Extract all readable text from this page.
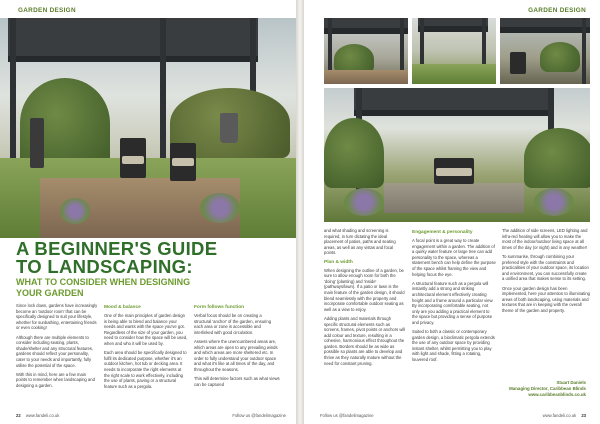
GARDEN DESIGN
A BEGINNER'S GUIDE
TO LANDSCAPING:
WHAT TO CONSIDER WHEN DESIGNING
YOUR GARDEN

Since lock down, gardens have increasingly become an 'outdoor room' that can be specifically designed to suit your lifestyle, whether for sunbathing, entertaining friends or even cooking!

Although there are multiple elements to consider including seating, plants, shade/shelter and any structural features, gardens should reflect your personality, cater to your needs and importantly, fully utilise the potential of the space.

With this in mind, here are a few main points to remember when landscaping and designing a garden.

Mood & balance

One of the main principles of garden design is being able to blend and balance your needs and wants with the space you've got. Regardless of the size of your garden, you need to consider how the space will be used, when and who it will be used by.

Each area should be specifically designed to fulfil its dedicated purpose, whether it's an outdoor kitchen, hot tub or decking area. It needs to incorporate the right elements at the right scale to work effectively, including the use of plants, paving or a structural feature such as a pergola.

Form follows function

Verbal focus should be on creating a structural 'anchor' of the garden, ensuring each area or zone is accessible and interlinked with good circulation.

Assess where the unencumbered areas are, which areas are open to any prevailing winds and which areas are more sheltered etc. In order to fully understand your outdoor space and what it's like at all times of the day, and throughout the seasons.

This will determine factors such as what views can be captured

22 www.fandeli.co.uk	Follow us @fandelimagazine
GARDEN DESIGN

and what shading and screening is required, in turn dictating the ideal placement of patios, paths and seating areas, as well as any vistas and focal points.

Plan & width

When designing the outline of a garden, be sure to allow enough room for both the 'doing' (planting) and 'inside' (pathways/lawn). If a patio or lawn is the main feature of the garden design, it should blend seamlessly with the property and incorporate comfortable outdoor seating as well as a view to enjoy.

Adding plants and materials through specific structural elements such as screens, frames, pivot points or anchors will add colour and texture, resulting in a cohesive, harmonious effect throughout the garden. Borders should be as wide as possible so plants are able to develop and thrive as they naturally mature without the need for constant pruning.

Engagement & personality

A focal point is a great way to create engagement within a garden. The addition of a quirky water feature or large tree can add personality to the space, whereas a statement bench can help define the purpose of the space whilst framing the view and helping focus the eye.

A structural feature such as a pergola will instantly add a strong and striking architectural element effectively creating height and a frame around a particular view. By incorporating comfortable seating, not only are you adding a practical element to the space but providing a sense of purpose and privacy.

Suited to both a classic or contemporary garden design, a bioclimatic pergola extends the use of any outdoor space by providing instant shelter, whilst permitting you to play with light and shade, fitting a rotating, louvered roof.

The addition of side screens, LED lighting and infra-red heating will allow you to make the most of the indoor/outdoor living space at all times of the day (or night) and in any weather!

To summarise, through combining your preferred style with the constraints and practicalities of your outdoor space, its location and environment, you can successfully create a unified area that makes sense to its setting.

Once your garden design has been implemented, here your attention to illuminating areas of both landscaping, using materials and textures that are in keeping with the overall theme of the garden and property.

Stuart Daniels
Managing Director, Caribbean Blinds
www.caribbeanblinds.co.uk
Follow us @fandelimagazine	www.fandeli.co.uk 23
